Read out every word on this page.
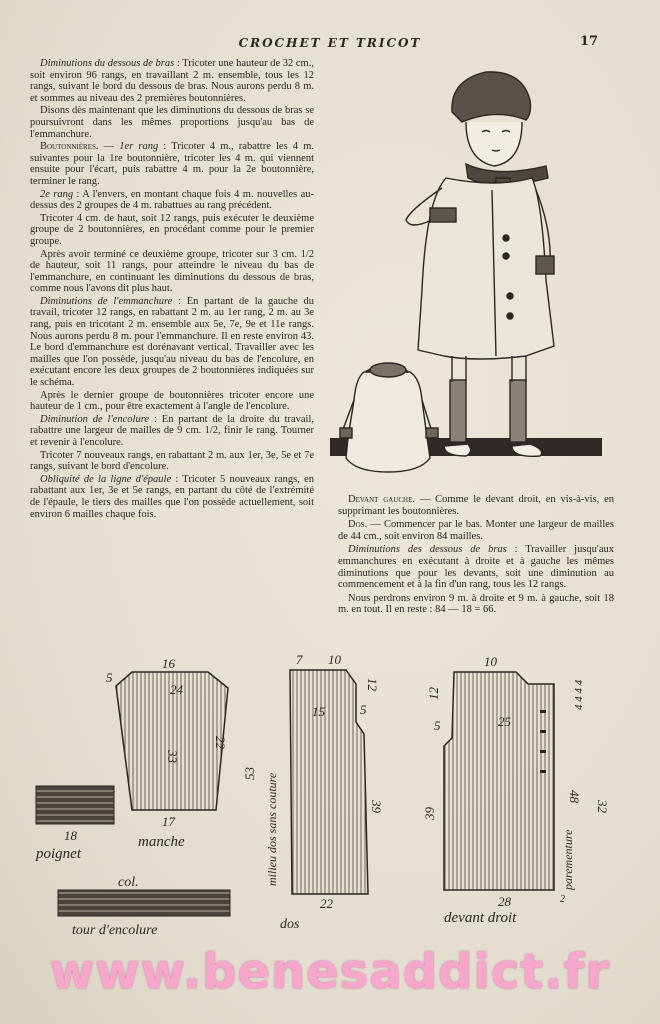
CROCHET ET TRICOT	17

Diminutions du dessous de bras : Tricoter une hauteur de 32 cm., soit environ 96 rangs, en travaillant 2 m. ensemble, tous les 12 rangs, suivant le bord du dessous de bras. Nous aurons perdu 8 m. et sommes au niveau des 2 premières boutonnières.

Disons dès maintenant que les diminutions du dessous de bras se poursuivront dans les mêmes proportions jusqu'au bas de l'emmanchure.

Boutonnières. — 1er rang : Tricoter 4 m., rabattre les 4 m. suivantes pour la 1re boutonnière, tricoter les 4 m. qui viennent ensuite pour l'écart, puis rabattre 4 m. pour la 2e boutonnière, terminer le rang.

2e rang : A l'envers, en montant chaque fois 4 m. nouvelles au-dessus des 2 groupes de 4 m. rabattues au rang précédent.

Tricoter 4 cm. de haut, soit 12 rangs, puis exécuter le deuxième groupe de 2 boutonnières, en procédant comme pour le premier groupe.

Après avoir terminé ce deuxième groupe, tricoter sur 3 cm. 1/2 de hauteur, soit 11 rangs, pour atteindre le niveau du bas de l'emmanchure, en continuant les diminutions du dessous de bras, comme nous l'avons dit plus haut.

Diminutions de l'emmanchure : En partant de la gauche du travail, tricoter 12 rangs, en rabattant 2 m. au 1er rang, 2 m. au 3e rang, puis en tricotant 2 m. ensemble aux 5e, 7e, 9e et 11e rangs. Nous aurons perdu 8 m. pour l'emmanchure. Il en reste environ 43. Le bord d'emmanchure est dorénavant vertical. Travailler avec les mailles que l'on possède, jusqu'au niveau du bas de l'encolure, en exécutant encore les deux groupes de 2 boutonnières indiquées sur le schéma.

Après le dernier groupe de boutonnières tricoter encore une hauteur de 1 cm., pour être exactement à l'angle de l'encolure.

Diminution de l'encolure : En partant de la droite du travail, rabattre une largeur de mailles de 9 cm. 1/2, finir le rang. Tourner et revenir à l'encolure.

Tricoter 7 nouveaux rangs, en rabattant 2 m. aux 1er, 3e, 5e et 7e rangs, suivant le bord d'encolure.

Obliquité de la ligne d'épaule : Tricoter 5 nouveaux rangs, en rabattant aux 1er, 3e et 5e rangs, en partant du côté de l'extrémité de l'épaule, le tiers des mailles que l'on possède actuellement, soit environ 6 mailles chaque fois.

Devant gauche. — Comme le devant droit, en vis-à-vis, en supprimant les boutonnières.

Dos. — Commencer par le bas. Monter une largeur de mailles de 44 cm., soit environ 84 mailles.

Diminutions des dessous de bras : Travailler jusqu'aux emmanchures en exécutant à droite et à gauche les mêmes diminutions que pour les devants, soit une diminution au commencement et à la fin d'un rang, tous les 12 rangs.

Nous perdrons environ 9 m. à droite et 9 m. à gauche, soit 18 m. en tout. Il en reste : 84 — 18 = 66.

16
24
33
22
5
17
manche
18
poignet
col.
tour d'encolure
7 10
15	5
12
53
39
22
milieu dos sans couture
dos
10
25
12
5
39
48
32
4 4 4 4
parementure
2
28
devant droit
www.benesaddict.fr
